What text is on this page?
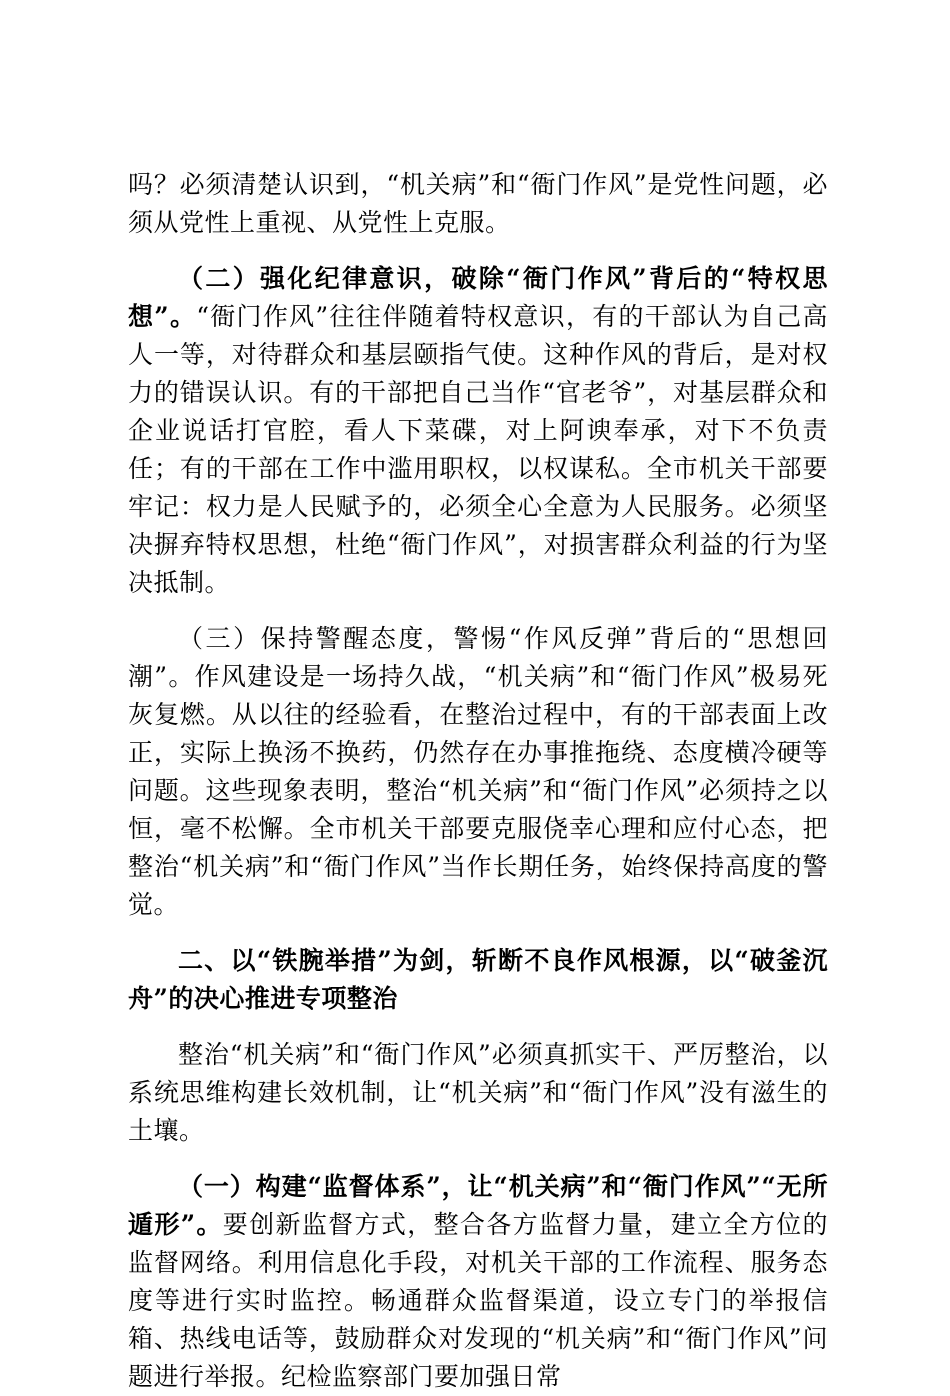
吗？必须清楚认识到，“机关病”和“衙门作风”是党性问题，必须从党性上重视、从党性上克服。

（二）强化纪律意识，破除“衙门作风”背后的“特权思想”。“衙门作风”往往伴随着特权意识，有的干部认为自己高人一等，对待群众和基层颐指气使。这种作风的背后，是对权力的错误认识。有的干部把自己当作“官老爷”，对基层群众和企业说话打官腔，看人下菜碟，对上阿谀奉承，对下不负责任；有的干部在工作中滥用职权，以权谋私。全市机关干部要牢记：权力是人民赋予的，必须全心全意为人民服务。必须坚决摒弃特权思想，杜绝“衙门作风”，对损害群众利益的行为坚决抵制。

（三）保持警醒态度，警惕“作风反弹”背后的“思想回潮”。作风建设是一场持久战，“机关病”和“衙门作风”极易死灰复燃。从以往的经验看，在整治过程中，有的干部表面上改正，实际上换汤不换药，仍然存在办事推拖绕、态度横冷硬等问题。这些现象表明，整治“机关病”和“衙门作风”必须持之以恒，毫不松懈。全市机关干部要克服侥幸心理和应付心态，把整治“机关病”和“衙门作风”当作长期任务，始终保持高度的警觉。

二、以“铁腕举措”为剑，斩断不良作风根源，以“破釜沉舟”的决心推进专项整治

整治“机关病”和“衙门作风”必须真抓实干、严厉整治，以系统思维构建长效机制，让“机关病”和“衙门作风”没有滋生的土壤。

（一）构建“监督体系”，让“机关病”和“衙门作风”“无所遁形”。要创新监督方式，整合各方监督力量，建立全方位的监督网络。利用信息化手段，对机关干部的工作流程、服务态度等进行实时监控。畅通群众监督渠道，设立专门的举报信箱、热线电话等，鼓励群众对发现的“机关病”和“衙门作风”问题进行举报。纪检监察部门要加强日常
